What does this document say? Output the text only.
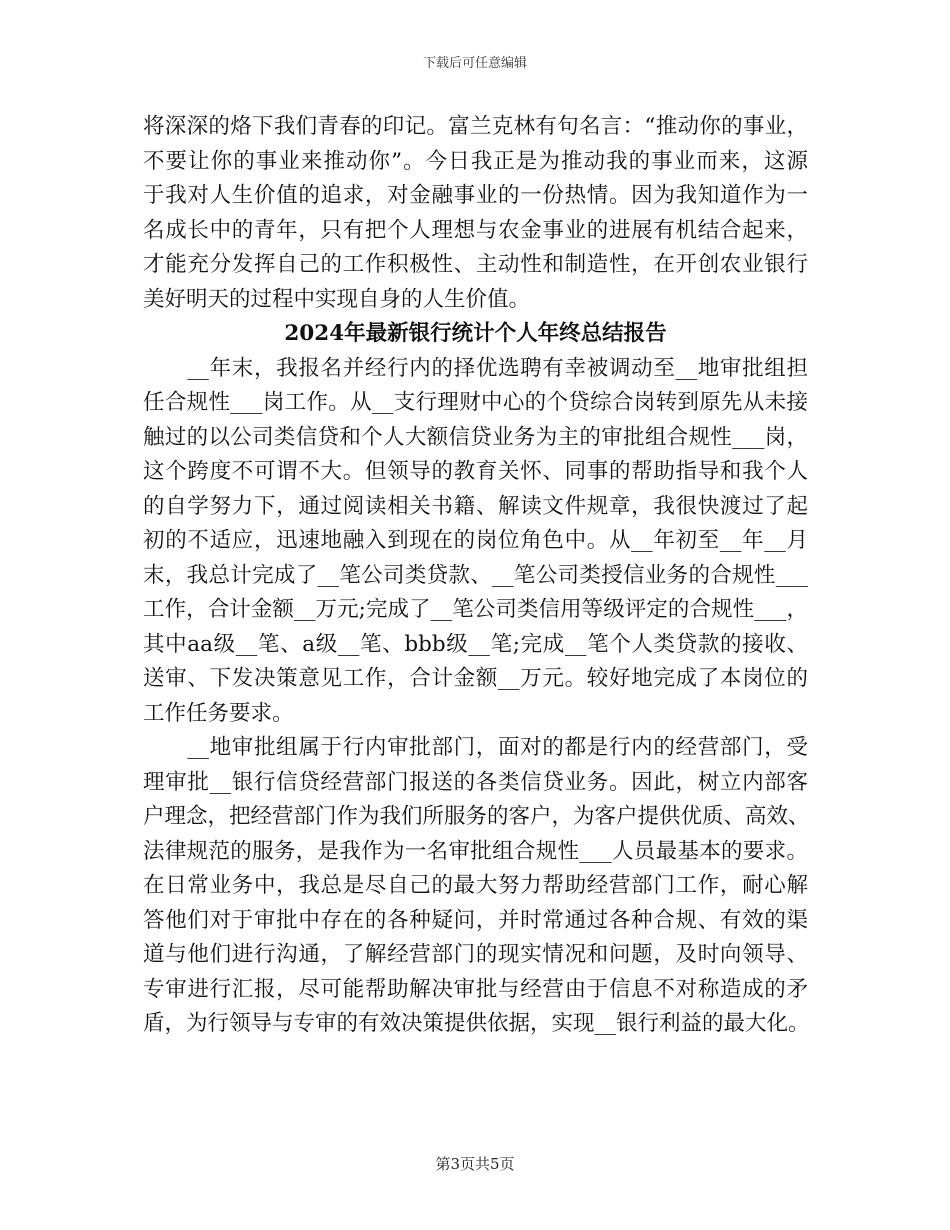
下载后可任意编辑
将深深的烙下我们青春的印记。富兰克林有句名言：“推动你的事业，
不要让你的事业来推动你”。今日我正是为推动我的事业而来，这源
于我对人生价值的追求，对金融事业的一份热情。因为我知道作为一
名成长中的青年，只有把个人理想与农金事业的进展有机结合起来，
才能充分发挥自己的工作积极性、主动性和制造性，在开创农业银行
美好明天的过程中实现自身的人生价值。
2024年最新银行统计个人年终总结报告
　　__年末，我报名并经行内的择优选聘有幸被调动至__地审批组担
任合规性___岗工作。从__支行理财中心的个贷综合岗转到原先从未接
触过的以公司类信贷和个人大额信贷业务为主的审批组合规性___岗，
这个跨度不可谓不大。但领导的教育关怀、同事的帮助指导和我个人
的自学努力下，通过阅读相关书籍、解读文件规章，我很快渡过了起
初的不适应，迅速地融入到现在的岗位角色中。从__年初至__年__月
末，我总计完成了__笔公司类贷款、__笔公司类授信业务的合规性___
工作，合计金额__万元;完成了__笔公司类信用等级评定的合规性___，
其中aa级__笔、a级__笔、bbb级__笔;完成__笔个人类贷款的接收、
送审、下发决策意见工作，合计金额__万元。较好地完成了本岗位的
工作任务要求。
　　__地审批组属于行内审批部门，面对的都是行内的经营部门，受
理审批__银行信贷经营部门报送的各类信贷业务。因此，树立内部客
户理念，把经营部门作为我们所服务的客户，为客户提供优质、高效、
法律规范的服务，是我作为一名审批组合规性___人员最基本的要求。
在日常业务中，我总是尽自己的最大努力帮助经营部门工作，耐心解
答他们对于审批中存在的各种疑问，并时常通过各种合规、有效的渠
道与他们进行沟通，了解经营部门的现实情况和问题，及时向领导、
专审进行汇报，尽可能帮助解决审批与经营由于信息不对称造成的矛
盾，为行领导与专审的有效决策提供依据，实现__银行利益的最大化。
第3页共5页
